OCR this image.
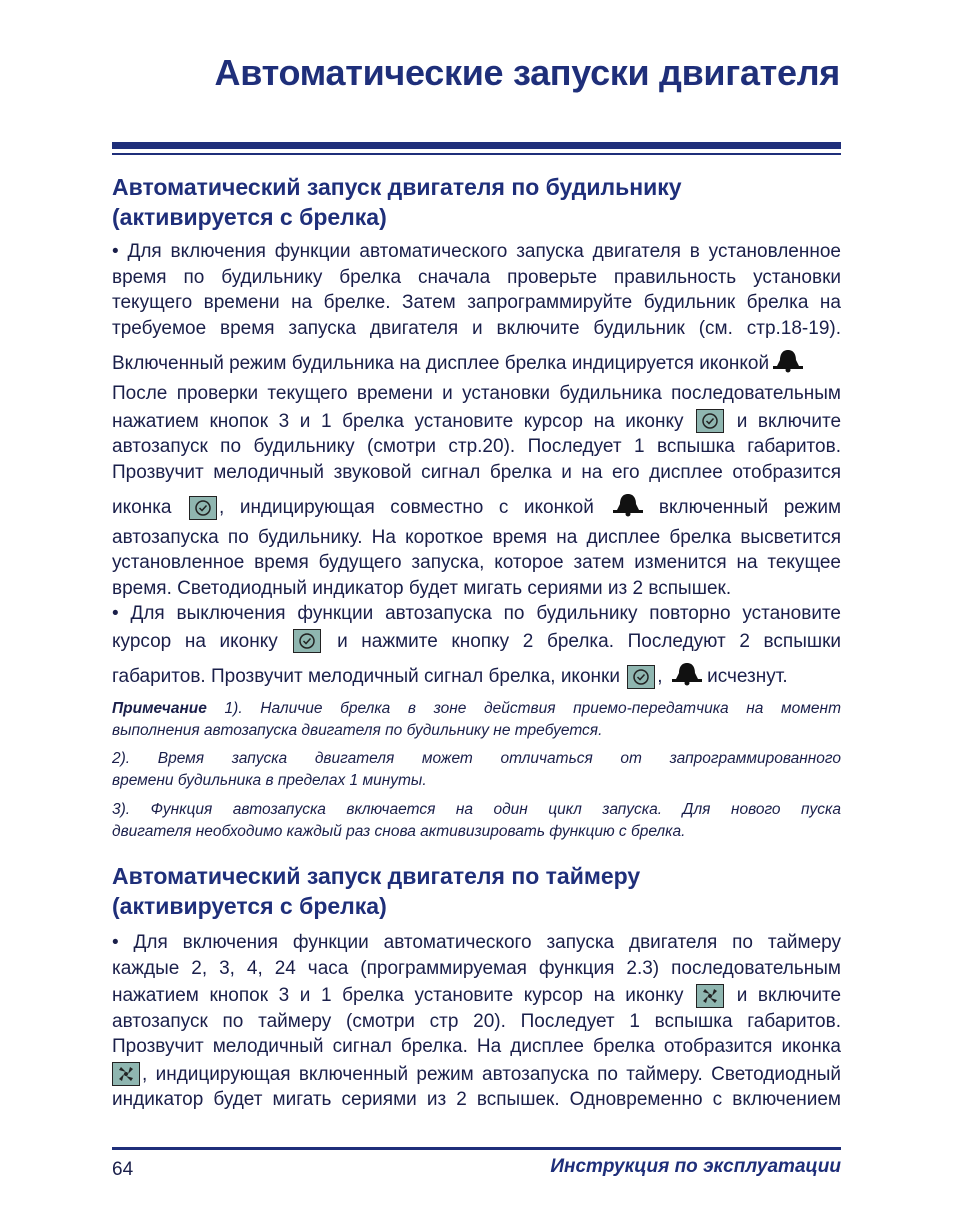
Автоматические запуски двигателя
Автоматический запуск двигателя по будильнику
(активируется с брелка)
• Для включения функции автоматического запуска двигателя в установленное
время по будильнику брелка сначала проверьте правильность установки
текущего времени на брелке. Затем запрограммируйте будильник брелка на
требуемое время запуска двигателя и включите будильник (см. стр.18-19).
Включенный режим будильника на дисплее брелка индицируется иконкой
После проверки текущего времени и установки будильника последовательным
нажатием кнопок 3 и 1 брелка установите курсор на иконку	и включите
автозапуск по будильнику (смотри стр.20). Последует 1 вспышка габаритов.
Прозвучит мелодичный звуковой сигнал брелка и на его дисплее отобразится
иконка	, индицирующая совместно с иконкой	включенный режим
автозапуска по будильнику. На короткое время на дисплее брелка высветится
установленное время будущего запуска, которое затем изменится на текущее
время. Светодиодный индикатор будет мигать сериями из 2 вспышек.
• Для выключения функции автозапуска по будильнику повторно установите
курсор на иконку	и нажмите кнопку 2 брелка. Последуют 2 вспышки
габаритов. Прозвучит мелодичный сигнал брелка, иконки , исчезнут.
Примечание 1). Наличие брелка в зоне действия приемо-передатчика на момент
выполнения автозапуска двигателя по будильнику не требуется.
2). Время запуска двигателя может отличаться от запрограммированного
времени будильника в пределах 1 минуты.
3). Функция автозапуска включается на один цикл запуска. Для нового пуска
двигателя необходимо каждый раз снова активизировать функцию с брелка.
Автоматический запуск двигателя по таймеру
(активируется с брелка)
• Для включения функции автоматического запуска двигателя по таймеру
каждые 2, 3, 4, 24 часа (программируемая функция 2.3) последовательным
нажатием кнопок 3 и 1 брелка установите курсор на иконку	и включите
автозапуск по таймеру (смотри стр 20). Последует 1 вспышка габаритов.
Прозвучит мелодичный сигнал брелка. На дисплее брелка отобразится иконка
, индицирующая включенный режим автозапуска по таймеру. Светодиодный
индикатор будет мигать сериями из 2 вспышек. Одновременно с включением
64	Инструкция по эксплуатации
